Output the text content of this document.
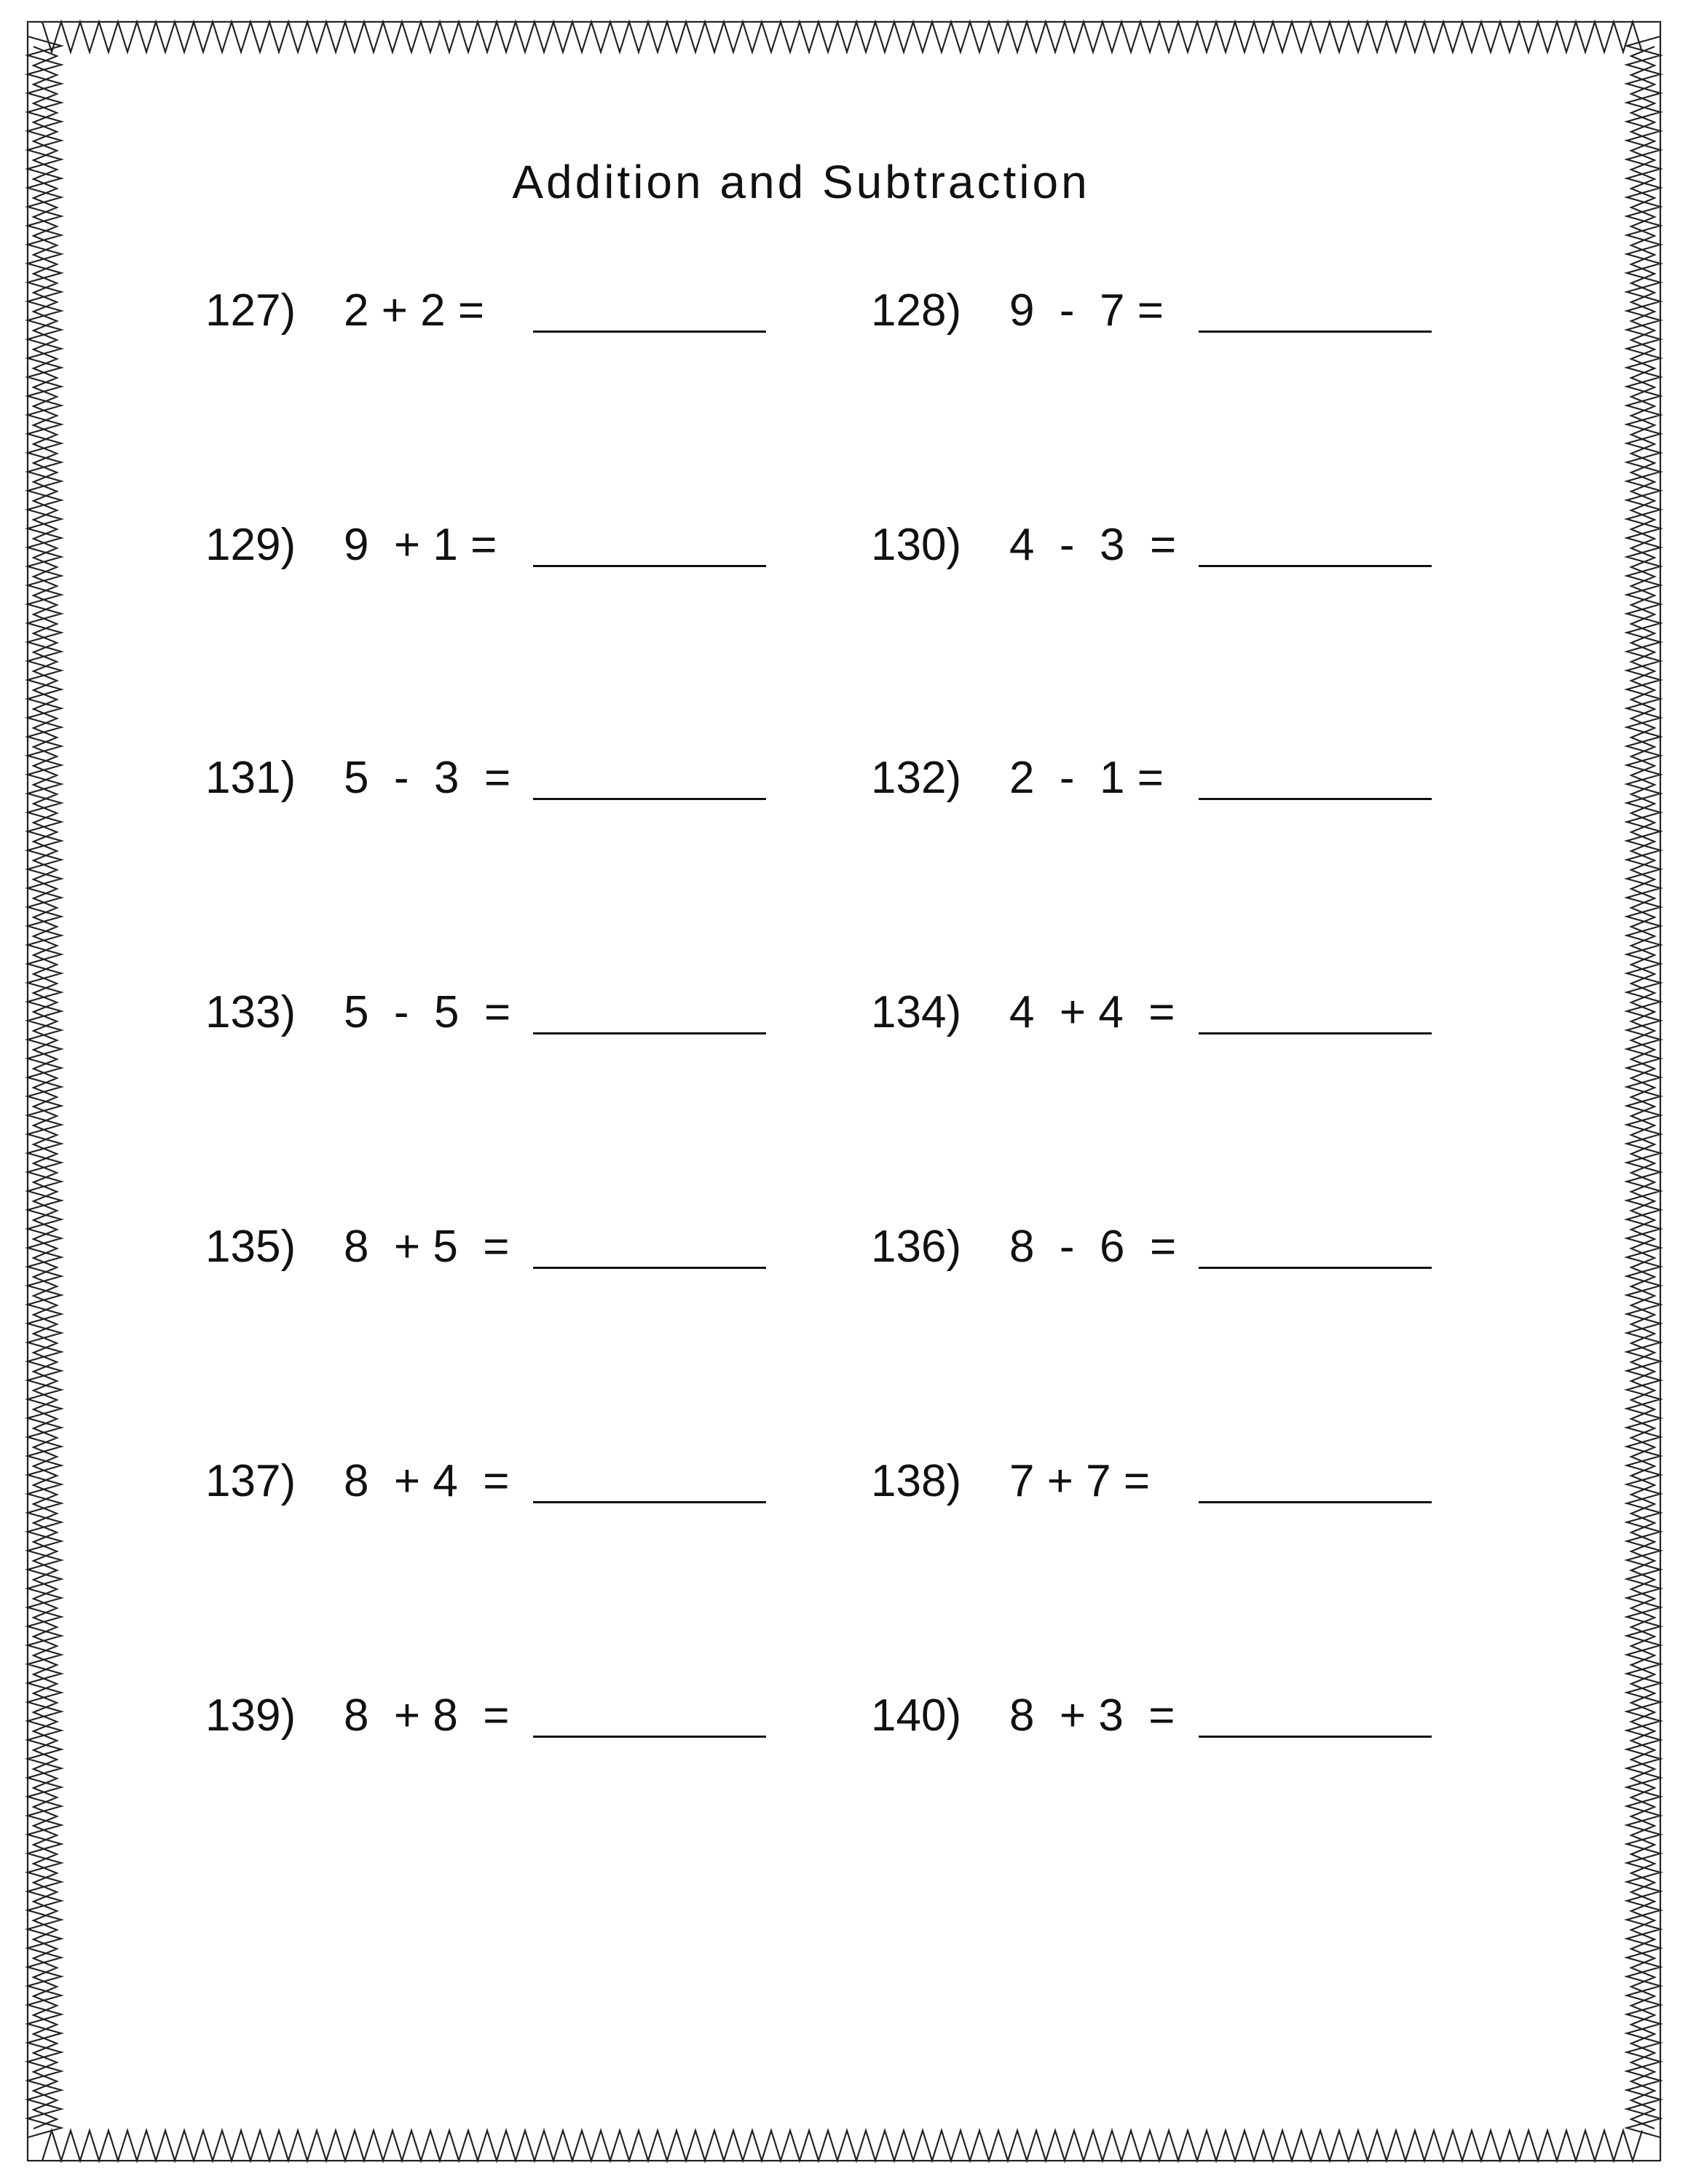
Addition and Subtraction
127) 2 + 2 =	128) 9  -  7 =
129) 9  + 1 =	130) 4  -  3  =
131) 5  -  3  =	132) 2  -  1 =
133) 5  -  5  =	134) 4  + 4  =
135) 8  + 5  =	136) 8  -  6  =
137) 8  + 4  =	138) 7 + 7 =
139) 8  + 8  =	140) 8  + 3  =
